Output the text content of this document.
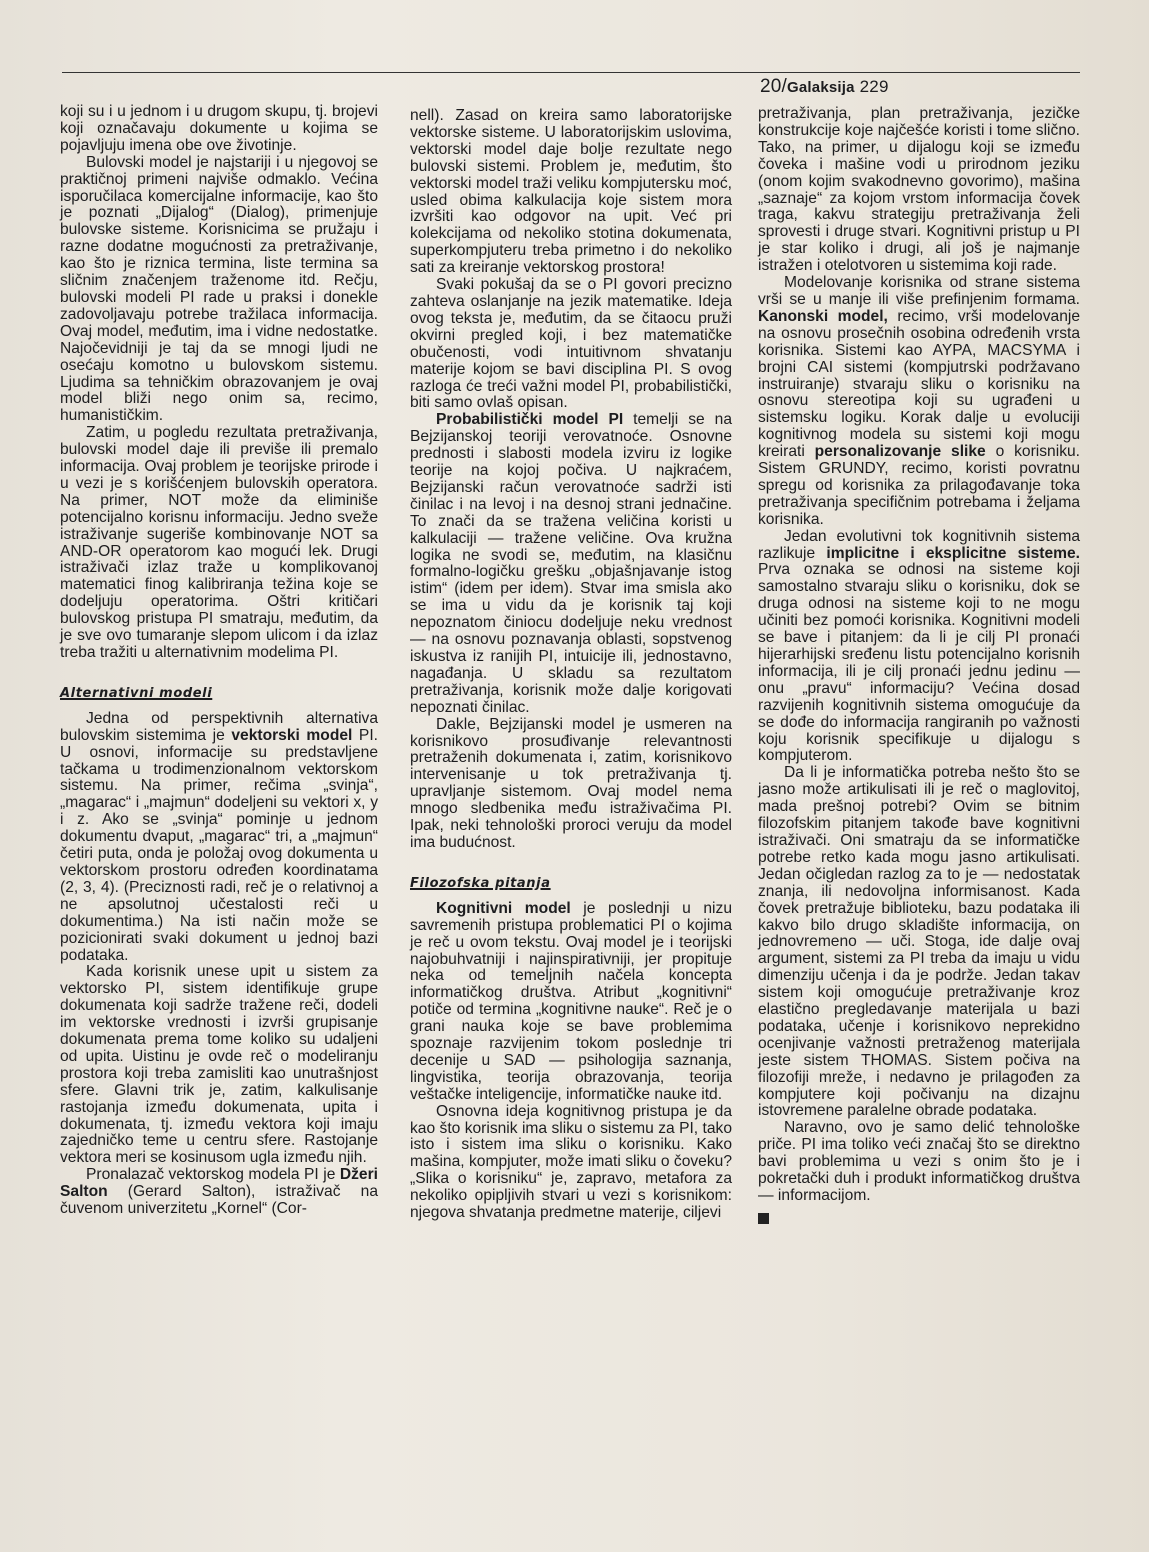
20/Galaksija 229

koji su i u jednom i u drugom skupu, tj. brojevi koji označavaju dokumente u kojima se pojavljuju imena obe ove životinje.

Bulovski model je najstariji i u njegovoj se praktičnoj primeni najviše odmaklo. Većina isporučilaca komercijalne informacije, kao što je poznati „Dijalog“ (Dialog), primenjuje bulovske sisteme. Korisnicima se pružaju i razne dodatne mogućnosti za pretraživanje, kao što je riznica termina, liste termina sa sličnim značenjem traženome itd. Rečju, bulovski modeli PI rade u praksi i donekle zadovoljavaju potrebe tražilaca informacija. Ovaj model, međutim, ima i vidne nedostatke. Najočevidniji je taj da se mnogi ljudi ne osećaju komotno u bulovskom sistemu. Ljudima sa tehničkim obrazovanjem je ovaj model bliži nego onim sa, recimo, humanističkim.

Zatim, u pogledu rezultata pretraživanja, bulovski model daje ili previše ili premalo informacija. Ovaj problem je teorijske prirode i u vezi je s korišćenjem bulovskih operatora. Na primer, NOT može da eliminiše potencijalno korisnu informaciju. Jedno sveže istraživanje sugeriše kombinovanje NOT sa AND-OR operatorom kao mogući lek. Drugi istraživači izlaz traže u komplikovanoj matematici finog kalibriranja težina koje se dodeljuju operatorima. Oštri kritičari bulovskog pristupa PI smatraju, međutim, da je sve ovo tumaranje slepom ulicom i da izlaz treba tražiti u alternativnim modelima PI.

Alternativni modeli

Jedna od perspektivnih alternativa bulovskim sistemima je vektorski model PI. U osnovi, informacije su predstavljene tačkama u trodimenzionalnom vektorskom sistemu. Na primer, rečima „svinja“, „magarac“ i „majmun“ dodeljeni su vektori x, y i z. Ako se „svinja“ pominje u jednom dokumentu dvaput, „magarac“ tri, a „majmun“ četiri puta, onda je položaj ovog dokumenta u vektorskom prostoru određen koordinatama (2, 3, 4). (Preciznosti radi, reč je o relativnoj a ne apsolutnoj učestalosti reči u dokumentima.) Na isti način može se pozicionirati svaki dokument u jednoj bazi podataka.

Kada korisnik unese upit u sistem za vektorsko PI, sistem identifikuje grupe dokumenata koji sadrže tražene reči, dodeli im vektorske vrednosti i izvrši grupisanje dokumenata prema tome koliko su udaljeni od upita. Uistinu je ovde reč o modeliranju prostora koji treba zamisliti kao unutrašnjost sfere. Glavni trik je, zatim, kalkulisanje rastojanja između dokumenata, upita i dokumenata, tj. između vektora koji imaju zajedničko teme u centru sfere. Rastojanje vektora meri se kosinusom ugla između njih.

Pronalazač vektorskog modela PI je Džeri Salton (Gerard Salton), istraživač na čuvenom univerzitetu „Kornel“ (Cor-

nell). Zasad on kreira samo laboratorijske vektorske sisteme. U laboratorijskim uslovima, vektorski model daje bolje rezultate nego bulovski sistemi. Problem je, međutim, što vektorski model traži veliku kompjutersku moć, usled obima kalkulacija koje sistem mora izvršiti kao odgovor na upit. Već pri kolekcijama od nekoliko stotina dokumenata, superkompjuteru treba primetno i do nekoliko sati za kreiranje vektorskog prostora!

Svaki pokušaj da se o PI govori precizno zahteva oslanjanje na jezik matematike. Ideja ovog teksta je, međutim, da se čitaocu pruži okvirni pregled koji, i bez matematičke obučenosti, vodi intuitivnom shvatanju materije kojom se bavi disciplina PI. S ovog razloga će treći važni model PI, probabilistički, biti samo ovlaš opisan.

Probabilistički model PI temelji se na Bejzijanskoj teoriji verovatnoće. Osnovne prednosti i slabosti modela izviru iz logike teorije na kojoj počiva. U najkraćem, Bejzijanski račun verovatnoće sadrži isti činilac i na levoj i na desnoj strani jednačine. To znači da se tražena veličina koristi u kalkulaciji — tražene veličine. Ova kružna logika ne svodi se, međutim, na klasičnu formalno-logičku grešku „objašnjavanje istog istim“ (idem per idem). Stvar ima smisla ako se ima u vidu da je korisnik taj koji nepoznatom činiocu dodeljuje neku vrednost — na osnovu poznavanja oblasti, sopstvenog iskustva iz ranijih PI, intuicije ili, jednostavno, nagađanja. U skladu sa rezultatom pretraživanja, korisnik može dalje korigovati nepoznati činilac.

Dakle, Bejzijanski model je usmeren na korisnikovo prosuđivanje relevantnosti pretraženih dokumenata i, zatim, korisnikovo intervenisanje u tok pretraživanja tj. upravljanje sistemom. Ovaj model nema mnogo sledbenika među istraživačima PI. Ipak, neki tehnološki proroci veruju da model ima budućnost.

Filozofska pitanja

Kognitivni model je poslednji u nizu savremenih pristupa problematici PI o kojima je reč u ovom tekstu. Ovaj model je i teorijski najobuhvatniji i najinspirativniji, jer propituje neka od temeljnih načela koncepta informatičkog društva. Atribut „kognitivni“ potiče od termina „kognitivne nauke“. Reč je o grani nauka koje se bave problemima spoznaje razvijenim tokom poslednje tri decenije u SAD — psihologija saznanja, lingvistika, teorija obrazovanja, teorija veštačke inteligencije, informatičke nauke itd.

Osnovna ideja kognitivnog pristupa je da kao što korisnik ima sliku o sistemu za PI, tako isto i sistem ima sliku o korisniku. Kako mašina, kompjuter, može imati sliku o čoveku? „Slika o korisniku“ je, zapravo, metafora za nekoliko opipljivih stvari u vezi s korisnikom: njegova shvatanja predmetne materije, ciljevi

pretraživanja, plan pretraživanja, jezičke konstrukcije koje najčešće koristi i tome slično. Tako, na primer, u dijalogu koji se između čoveka i mašine vodi u prirodnom jeziku (onom kojim svakodnevno govorimo), mašina „saznaje“ za kojom vrstom informacija čovek traga, kakvu strategiju pretraživanja želi sprovesti i druge stvari. Kognitivni pristup u PI je star koliko i drugi, ali još je najmanje istražen i otelotvoren u sistemima koji rade.

Modelovanje korisnika od strane sistema vrši se u manje ili više prefinjenim formama. Kanonski model, recimo, vrši modelovanje na osnovu prosečnih osobina određenih vrsta korisnika. Sistemi kao AYPA, MACSYMA i brojni CAI sistemi (kompjutrski podržavano instruiranje) stvaraju sliku o korisniku na osnovu stereotipa koji su ugrađeni u sistemsku logiku. Korak dalje u evoluciji kognitivnog modela su sistemi koji mogu kreirati personalizovanje slike o korisniku. Sistem GRUNDY, recimo, koristi povratnu spregu od korisnika za prilagođavanje toka pretraživanja specifičnim potrebama i željama korisnika.

Jedan evolutivni tok kognitivnih sistema razlikuje implicitne i eksplicitne sisteme. Prva oznaka se odnosi na sisteme koji samostalno stvaraju sliku o korisniku, dok se druga odnosi na sisteme koji to ne mogu učiniti bez pomoći korisnika. Kognitivni modeli se bave i pitanjem: da li je cilj PI pronaći hijerarhijski sređenu listu potencijalno korisnih informacija, ili je cilj pronaći jednu jedinu — onu „pravu“ informaciju? Većina dosad razvijenih kognitivnih sistema omogućuje da se dođe do informacija rangiranih po važnosti koju korisnik specifikuje u dijalogu s kompjuterom.

Da li je informatička potreba nešto što se jasno može artikulisati ili je reč o maglovitoj, mada prešnoj potrebi? Ovim se bitnim filozofskim pitanjem takođe bave kognitivni istraživači. Oni smatraju da se informatičke potrebe retko kada mogu jasno artikulisati. Jedan očigledan razlog za to je — nedostatak znanja, ili nedovoljna informisanost. Kada čovek pretražuje biblioteku, bazu podataka ili kakvo bilo drugo skladište informacija, on jednovremeno — uči. Stoga, ide dalje ovaj argument, sistemi za PI treba da imaju u vidu dimenziju učenja i da je podrže. Jedan takav sistem koji omogućuje pretraživanje kroz elastično pregledavanje materijala u bazi podataka, učenje i korisnikovo neprekidno ocenjivanje važnosti pretraženog materijala jeste sistem THOMAS. Sistem počiva na filozofiji mreže, i nedavno je prilagođen za kompjutere koji počivanju na dizajnu istovremene paralelne obrade podataka.

Naravno, ovo je samo delić tehnološke priče. PI ima toliko veći značaj što se direktno bavi problemima u vezi s onim što je i pokretački duh i produkt informatičkog društva — informacijom.
